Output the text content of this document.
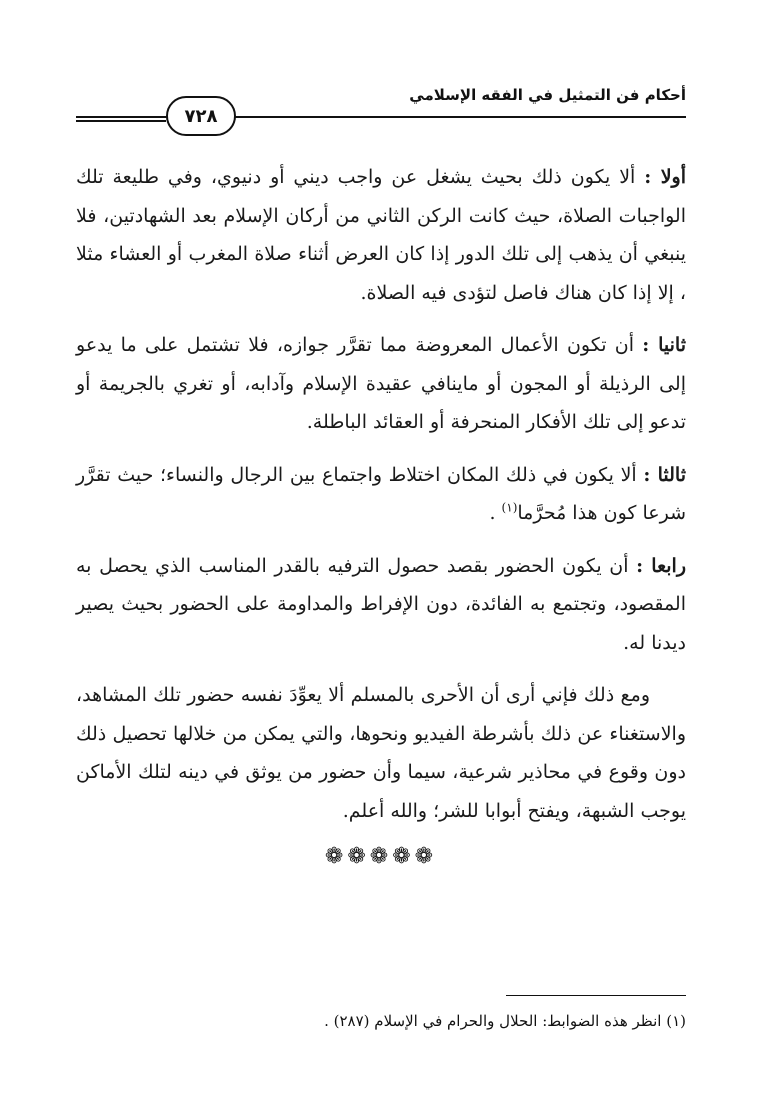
أحكام فن التمثيل في الفقه الإسلامي
٧٢٨

أولا : ألا يكون ذلك بحيث يشغل عن واجب ديني أو دنيوي، وفي طليعة تلك الواجبات الصلاة، حيث كانت الركن الثاني من أركان الإسلام بعد الشهادتين، فلا ينبغي أن يذهب إلى تلك الدور إذا كان العرض أثناء صلاة المغرب أو العشاء مثلا ، إلا إذا كان هناك فاصل لتؤدى فيه الصلاة.

ثانيا : أن تكون الأعمال المعروضة مما تقرَّر جوازه، فلا تشتمل على ما يدعو إلى الرذيلة أو المجون أو ماينافي عقيدة الإسلام وآدابه، أو تغري بالجريمة أو تدعو إلى تلك الأفكار المنحرفة أو العقائد الباطلة.

ثالثا : ألا يكون في ذلك المكان اختلاط واجتماع بين الرجال والنساء؛ حيث تقرَّر شرعا كون هذا مُحرَّما$^{(١)}$ .

رابعا : أن يكون الحضور بقصد حصول الترفيه بالقدر المناسب الذي يحصل به المقصود، وتجتمع به الفائدة، دون الإفراط والمداومة على الحضور بحيث يصير ديدنا له.

ومع ذلك فإني أرى أن الأحرى بالمسلم ألا يعوِّدَ نفسه حضور تلك المشاهد، والاستغناء عن ذلك بأشرطة الفيديو ونحوها، والتي يمكن من خلالها تحصيل ذلك دون وقوع في محاذير شرعية، سيما وأن حضور من يوثق في دينه لتلك الأماكن يوجب الشبهة، ويفتح أبوابا للشر؛ والله أعلم.

❁❁❁❁❁
(١) انظر هذه الضوابط: الحلال والحرام في الإسلام (٢٨٧) .
